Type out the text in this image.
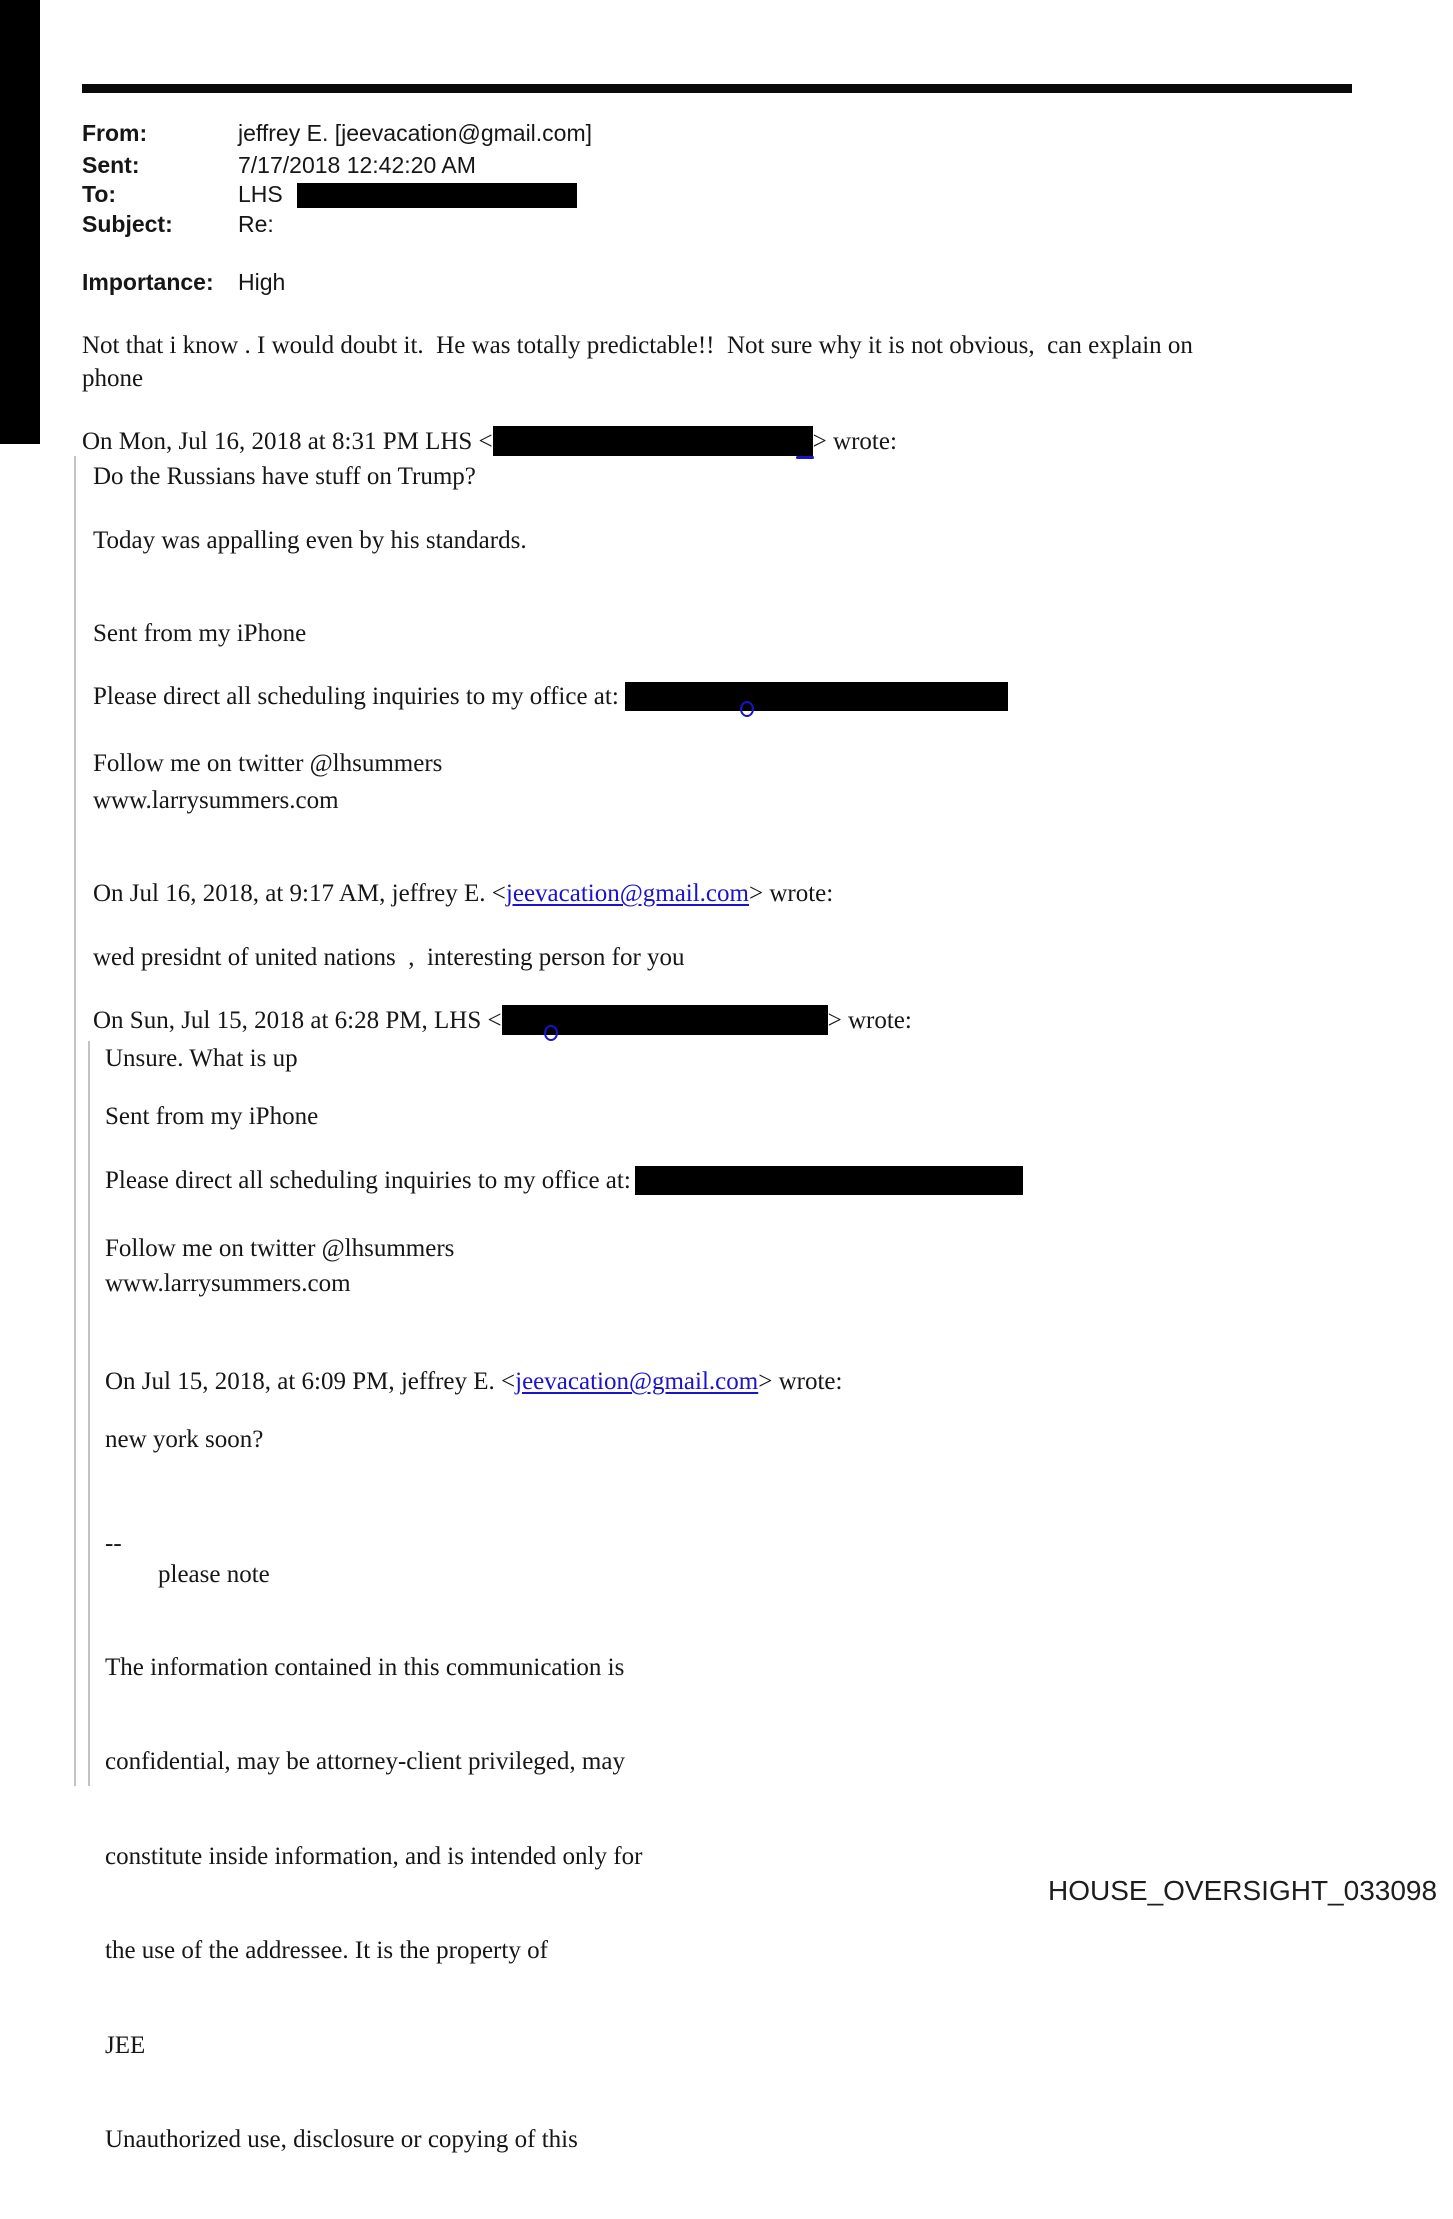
From:	jeffrey E. [jeevacation@gmail.com]
Sent:	7/17/2018 12:42:20 AM
To:	LHS
Subject:	Re:
Importance: High
Not that i know . I would doubt it.  He was totally predictable!!  Not sure why it is not obvious,  can explain on
phone
On Mon, Jul 16, 2018 at 8:31 PM LHS <	> wrote:
Do the Russians have stuff on Trump?
Today was appalling even by his standards.
Sent from my iPhone
Please direct all scheduling inquiries to my office at:
Follow me on twitter @lhsummers
www.larrysummers.com
On Jul 16, 2018, at 9:17 AM, jeffrey E. <jeevacation@gmail.com> wrote:
wed presidnt of united nations  ,  interesting person for you
On Sun, Jul 15, 2018 at 6:28 PM, LHS <	> wrote:
Unsure. What is up
Sent from my iPhone
Please direct all scheduling inquiries to my office at:
Follow me on twitter @lhsummers
www.larrysummers.com
On Jul 15, 2018, at 6:09 PM, jeffrey E. <jeevacation@gmail.com> wrote:
new york soon?
--
please note

The information contained in this communication is

confidential, may be attorney-client privileged, may

constitute inside information, and is intended only for

the use of the addressee. It is the property of

JEE

Unauthorized use, disclosure or copying of this

HOUSE_OVERSIGHT_033098
